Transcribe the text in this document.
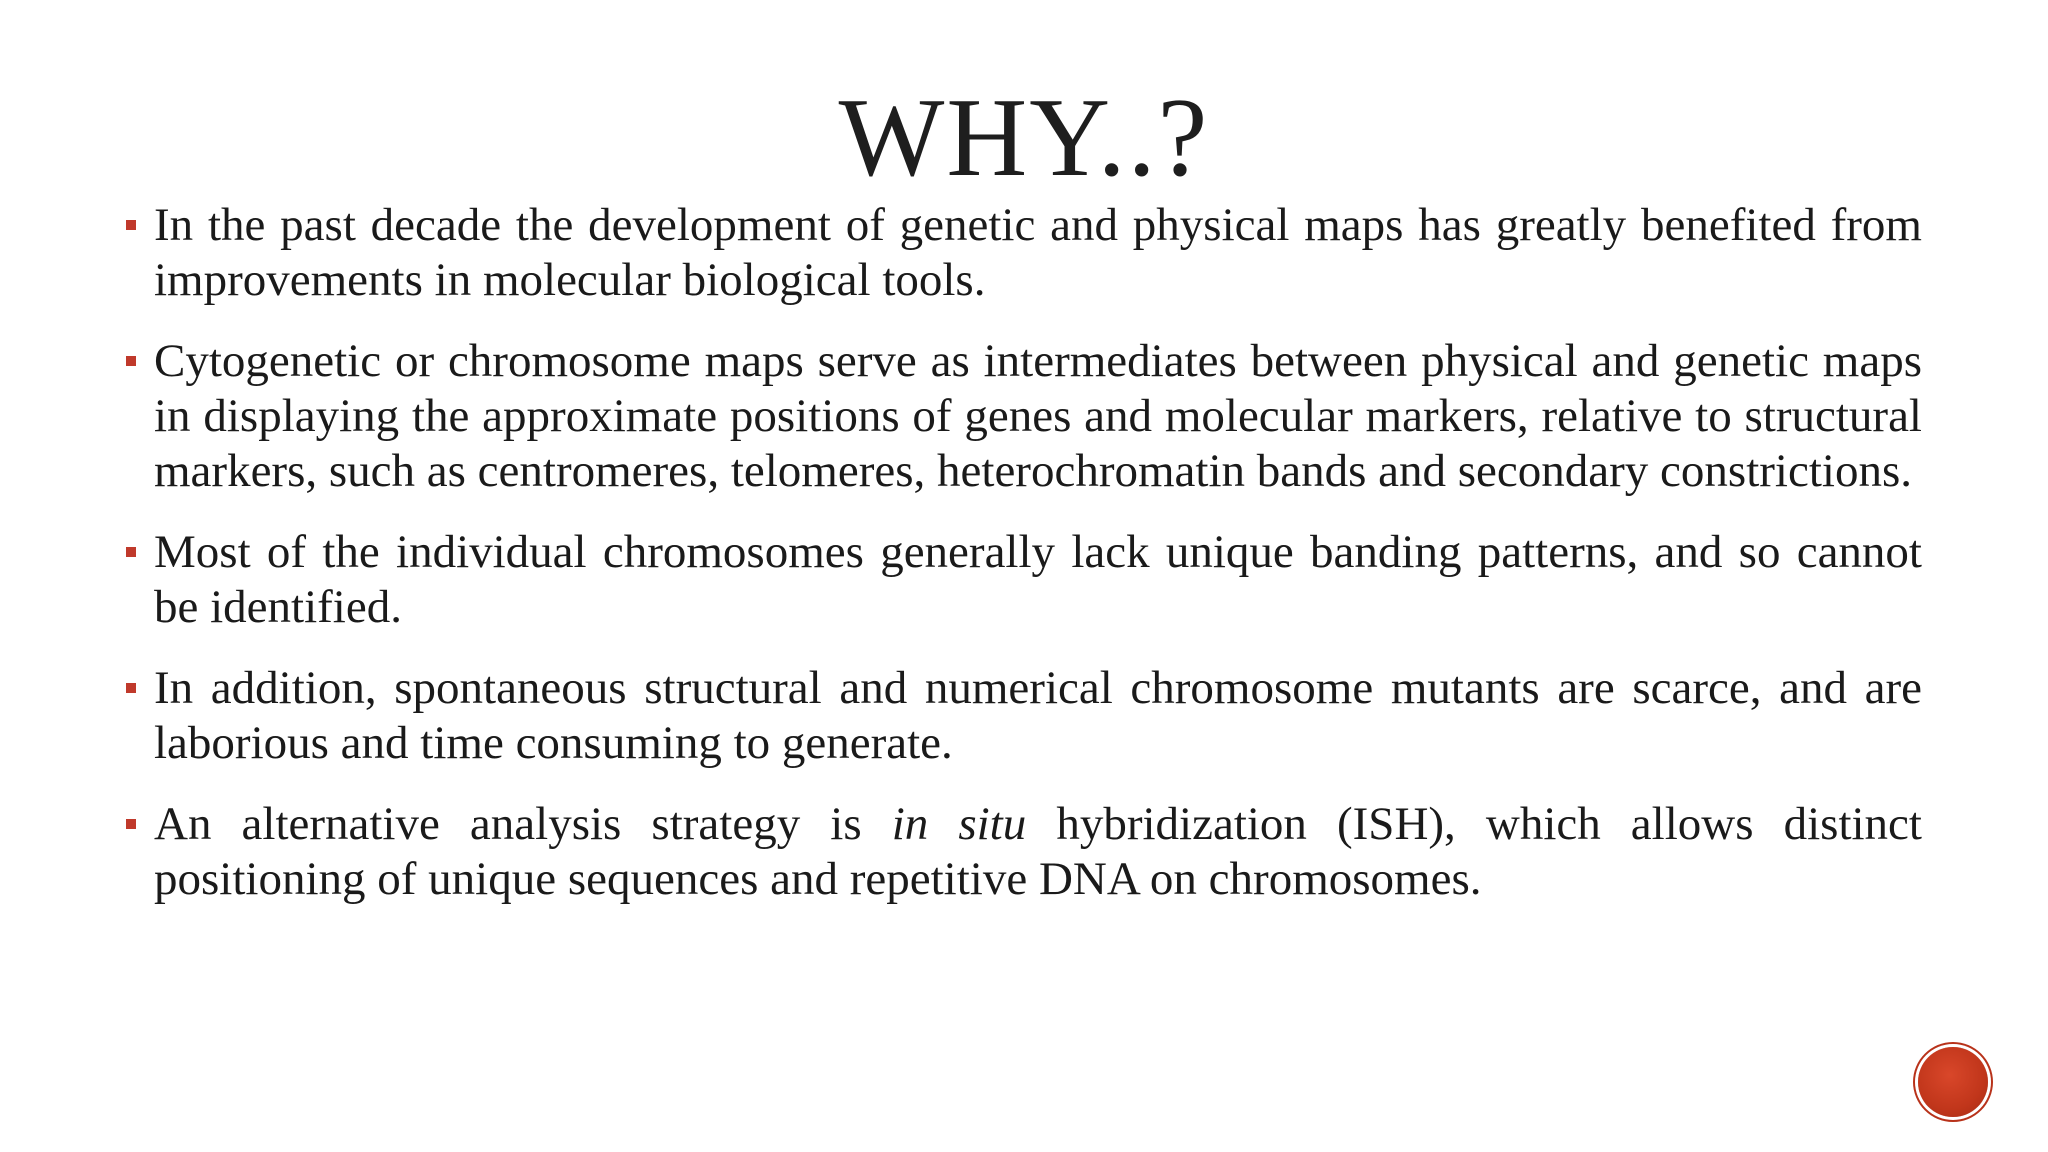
WHY..?
In the past decade the development of genetic and physical maps has greatly benefited from improvements in molecular biological tools.
Cytogenetic or chromosome maps serve as intermediates between physical and genetic maps in displaying the approximate positions of genes and molecular markers, relative to structural markers, such as centromeres, telomeres, heterochromatin bands and secondary constrictions.
Most of the individual chromosomes generally lack unique banding patterns, and so cannot be identified.
In addition, spontaneous structural and numerical chromosome mutants are scarce, and are laborious and time consuming to generate.
An alternative analysis strategy is in situ hybridization (ISH), which allows distinct positioning of unique sequences and repetitive DNA on chromosomes.
